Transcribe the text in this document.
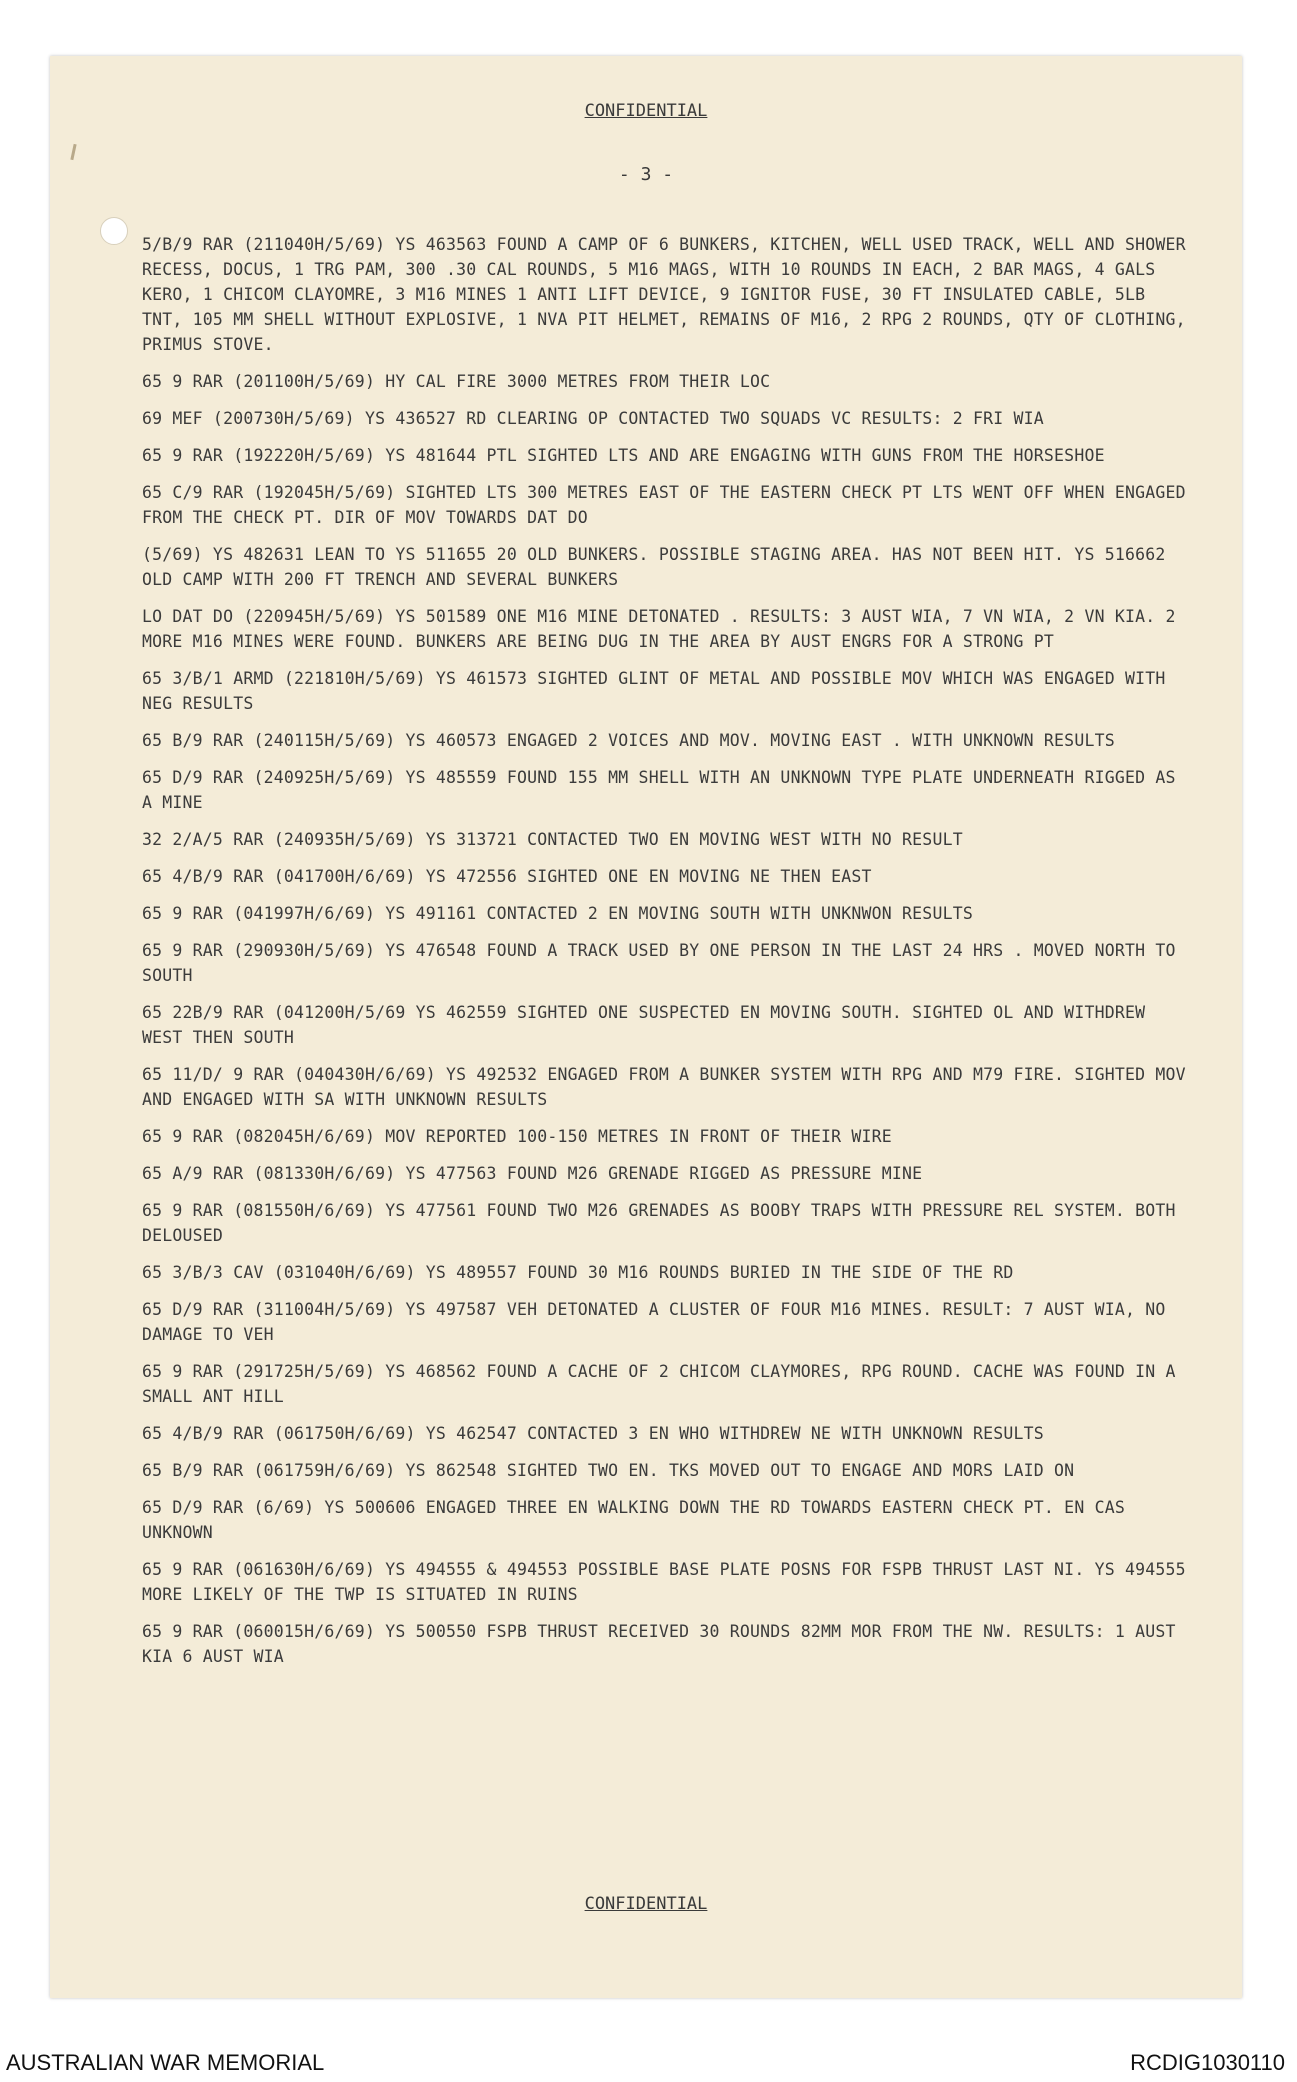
CONFIDENTIAL
- 3 -

5/B/9 RAR (211040H/5/69) YS 463563 FOUND A CAMP OF 6 BUNKERS, KITCHEN, WELL USED TRACK, WELL AND SHOWER RECESS, DOCUS, 1 TRG PAM, 300 .30 CAL ROUNDS, 5 M16 MAGS, WITH 10 ROUNDS IN EACH, 2 BAR MAGS, 4 GALS KERO, 1 CHICOM CLAYOMRE, 3 M16 MINES 1 ANTI LIFT DEVICE, 9 IGNITOR FUSE, 30 FT INSULATED CABLE, 5LB TNT, 105 MM SHELL WITHOUT EXPLOSIVE, 1 NVA PIT HELMET, REMAINS OF M16, 2 RPG 2 ROUNDS, QTY OF CLOTHING, PRIMUS STOVE.

65 9 RAR (201100H/5/69) HY CAL FIRE 3000 METRES FROM THEIR LOC

69 MEF (200730H/5/69) YS 436527 RD CLEARING OP CONTACTED TWO SQUADS VC RESULTS: 2 FRI WIA

65 9 RAR (192220H/5/69) YS 481644 PTL SIGHTED LTS AND ARE ENGAGING WITH GUNS FROM THE HORSESHOE

65 C/9 RAR (192045H/5/69) SIGHTED LTS 300 METRES EAST OF THE EASTERN CHECK PT LTS WENT OFF WHEN ENGAGED FROM THE CHECK PT. DIR OF MOV TOWARDS DAT DO

(5/69) YS 482631 LEAN TO YS 511655 20 OLD BUNKERS. POSSIBLE STAGING AREA. HAS NOT BEEN HIT. YS 516662 OLD CAMP WITH 200 FT TRENCH AND SEVERAL BUNKERS

LO DAT DO (220945H/5/69) YS 501589 ONE M16 MINE DETONATED . RESULTS: 3 AUST WIA, 7 VN WIA, 2 VN KIA. 2 MORE M16 MINES WERE FOUND. BUNKERS ARE BEING DUG IN THE AREA BY AUST ENGRS FOR A STRONG PT

65 3/B/1 ARMD (221810H/5/69) YS 461573 SIGHTED GLINT OF METAL AND POSSIBLE MOV WHICH WAS ENGAGED WITH NEG RESULTS

65 B/9 RAR (240115H/5/69) YS 460573 ENGAGED 2 VOICES AND MOV. MOVING EAST . WITH UNKNOWN RESULTS

65 D/9 RAR (240925H/5/69) YS 485559 FOUND 155 MM SHELL WITH AN UNKNOWN TYPE PLATE UNDERNEATH RIGGED AS A MINE

32 2/A/5 RAR (240935H/5/69) YS 313721 CONTACTED TWO EN MOVING WEST WITH NO RESULT

65 4/B/9 RAR (041700H/6/69) YS 472556 SIGHTED ONE EN MOVING NE THEN EAST

65 9 RAR (041997H/6/69) YS 491161 CONTACTED 2 EN MOVING SOUTH WITH UNKNWON RESULTS

65 9 RAR (290930H/5/69) YS 476548 FOUND A TRACK USED BY ONE PERSON IN THE LAST 24 HRS . MOVED NORTH TO SOUTH

65 22B/9 RAR (041200H/5/69 YS 462559 SIGHTED ONE SUSPECTED EN MOVING SOUTH. SIGHTED OL AND WITHDREW WEST THEN SOUTH

65 11/D/ 9 RAR (040430H/6/69) YS 492532 ENGAGED FROM A BUNKER SYSTEM WITH RPG AND M79 FIRE. SIGHTED MOV AND ENGAGED WITH SA WITH UNKNOWN RESULTS

65 9 RAR (082045H/6/69) MOV REPORTED 100-150 METRES IN FRONT OF THEIR WIRE

65 A/9 RAR (081330H/6/69) YS 477563 FOUND M26 GRENADE RIGGED AS PRESSURE MINE

65 9 RAR (081550H/6/69) YS 477561 FOUND TWO M26 GRENADES AS BOOBY TRAPS WITH PRESSURE REL SYSTEM. BOTH DELOUSED

65 3/B/3 CAV (031040H/6/69) YS 489557 FOUND 30 M16 ROUNDS BURIED IN THE SIDE OF THE RD

65 D/9 RAR (311004H/5/69) YS 497587 VEH DETONATED A CLUSTER OF FOUR M16 MINES. RESULT: 7 AUST WIA, NO DAMAGE TO VEH

65 9 RAR (291725H/5/69) YS 468562 FOUND A CACHE OF 2 CHICOM CLAYMORES, RPG ROUND. CACHE WAS FOUND IN A SMALL ANT HILL

65 4/B/9 RAR (061750H/6/69) YS 462547 CONTACTED 3 EN WHO WITHDREW NE WITH UNKNOWN RESULTS

65 B/9 RAR (061759H/6/69) YS 862548 SIGHTED TWO EN. TKS MOVED OUT TO ENGAGE AND MORS LAID ON

65 D/9 RAR (6/69) YS 500606 ENGAGED THREE EN WALKING DOWN THE RD TOWARDS EASTERN CHECK PT. EN CAS UNKNOWN

65 9 RAR (061630H/6/69) YS 494555 & 494553 POSSIBLE BASE PLATE POSNS FOR FSPB THRUST LAST NI. YS 494555 MORE LIKELY OF THE TWP IS SITUATED IN RUINS

65 9 RAR (060015H/6/69) YS 500550 FSPB THRUST RECEIVED 30 ROUNDS 82MM MOR FROM THE NW. RESULTS: 1 AUST KIA 6 AUST WIA

CONFIDENTIAL
AUSTRALIAN WAR MEMORIAL	RCDIG1030110
